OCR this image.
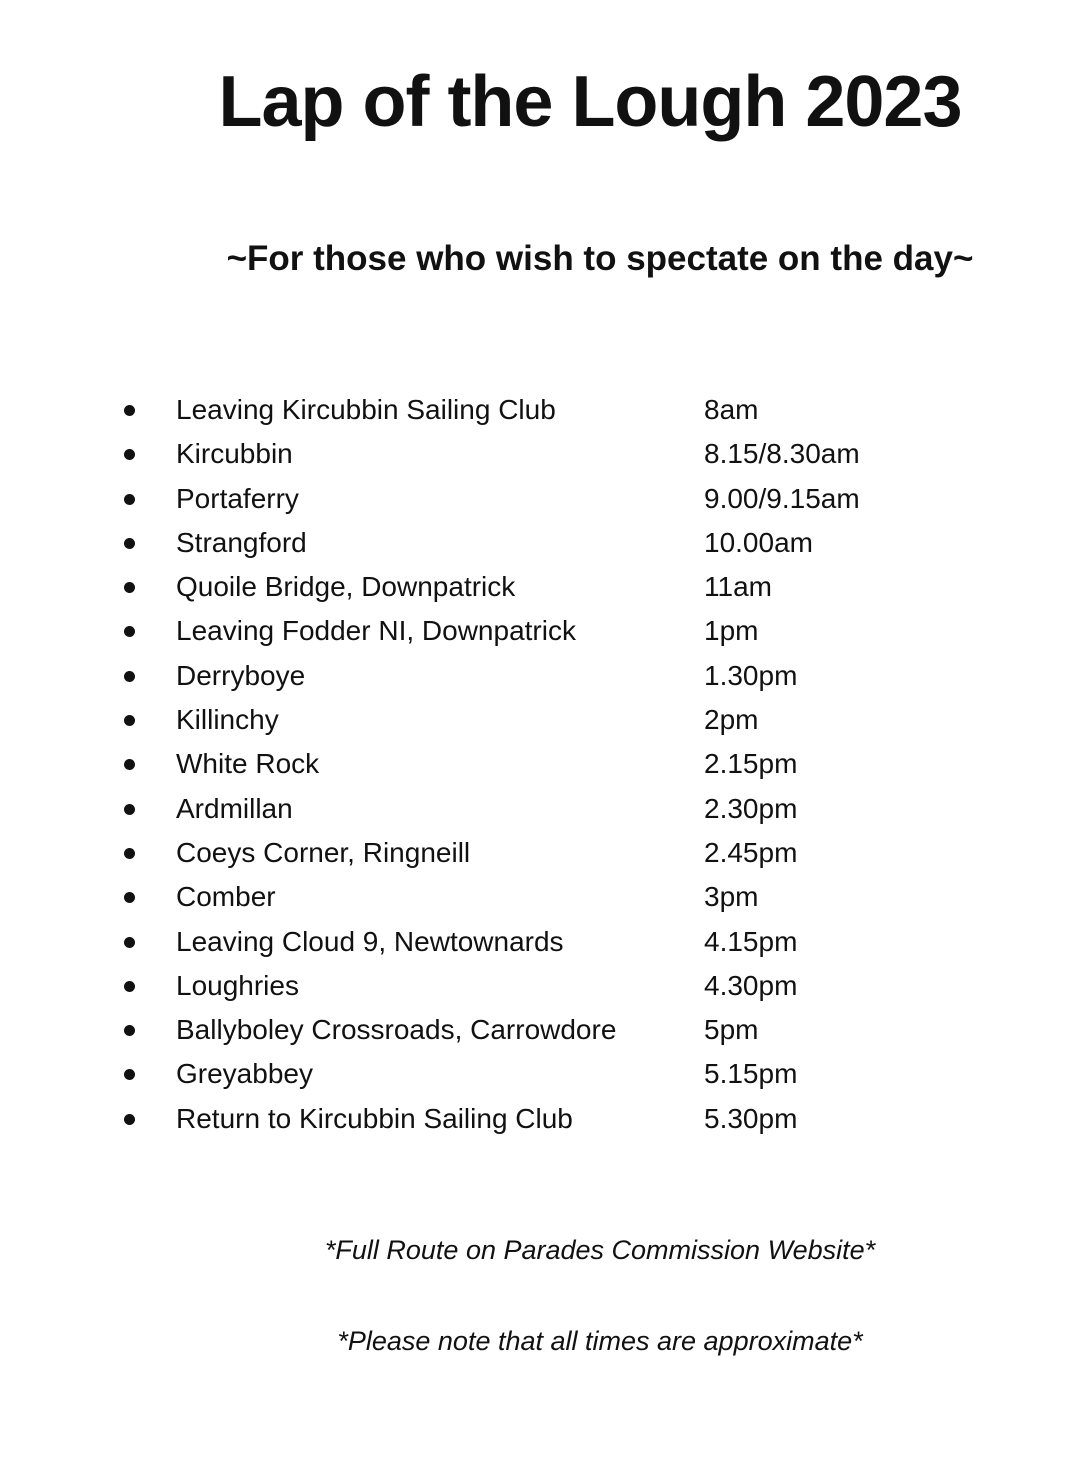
Lap of the Lough 2023
~For those who wish to spectate on the day~
Leaving Kircubbin Sailing Club	8am
Kircubbin	8.15/8.30am
Portaferry	9.00/9.15am
Strangford	10.00am
Quoile Bridge, Downpatrick	11am
Leaving Fodder NI, Downpatrick	1pm
Derryboye	1.30pm
Killinchy	2pm
White Rock	2.15pm
Ardmillan	2.30pm
Coeys Corner, Ringneill	2.45pm
Comber	3pm
Leaving Cloud 9, Newtownards	4.15pm
Loughries	4.30pm
Ballyboley Crossroads, Carrowdore	5pm
Greyabbey	5.15pm
Return to Kircubbin Sailing Club	5.30pm

*Full Route on Parades Commission Website*

*Please note that all times are approximate*
